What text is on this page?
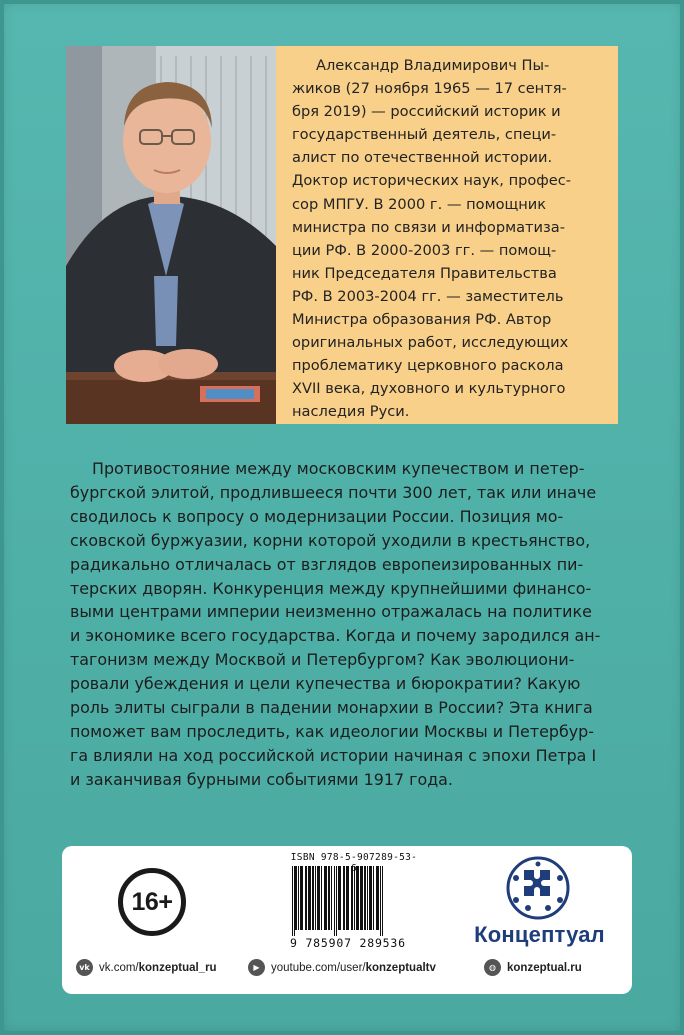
Александр Владимирович Пы-
жиков (27 ноября 1965 — 17 сентя-
бря 2019) — российский историк и
государственный деятель, специ-
алист по отечественной истории.
Доктор исторических наук, профес-
сор МПГУ. В 2000 г. — помощник
министра по связи и информатиза-
ции РФ. В 2000-2003 гг. — помощ-
ник Председателя Правительства
РФ. В 2003-2004 гг. — заместитель
Министра образования РФ. Автор
оригинальных работ, исследующих
проблематику церковного раскола
XVII века, духовного и культурного
наследия Руси.
Противостояние между московским купечеством и петер-
бургской элитой, продлившееся почти 300 лет, так или иначе
сводилось к вопросу о модернизации России. Позиция мо-
сковской буржуазии, корни которой уходили в крестьянство,
радикально отличалась от взглядов европеизированных пи-
терских дворян. Конкуренция между крупнейшими финансо-
выми центрами империи неизменно отражалась на политике
и экономике всего государства. Когда и почему зародился ан-
тагонизм между Москвой и Петербургом? Как эволюциони-
ровали убеждения и цели купечества и бюрократии? Какую
роль элиты сыграли в падении монархии в России? Эта книга
поможет вам проследить, как идеологии Москвы и Петербур-
га влияли на ход российской истории начиная с эпохи Петра I
и заканчивая бурными событиями 1917 года.
16+
ISBN 978-5-907289-53-
9 785907 289536	Концептуал
vk vk.com/konzeptual_ru	▶ youtube.com/user/konzeptualtv	◍ konzeptual.ru
